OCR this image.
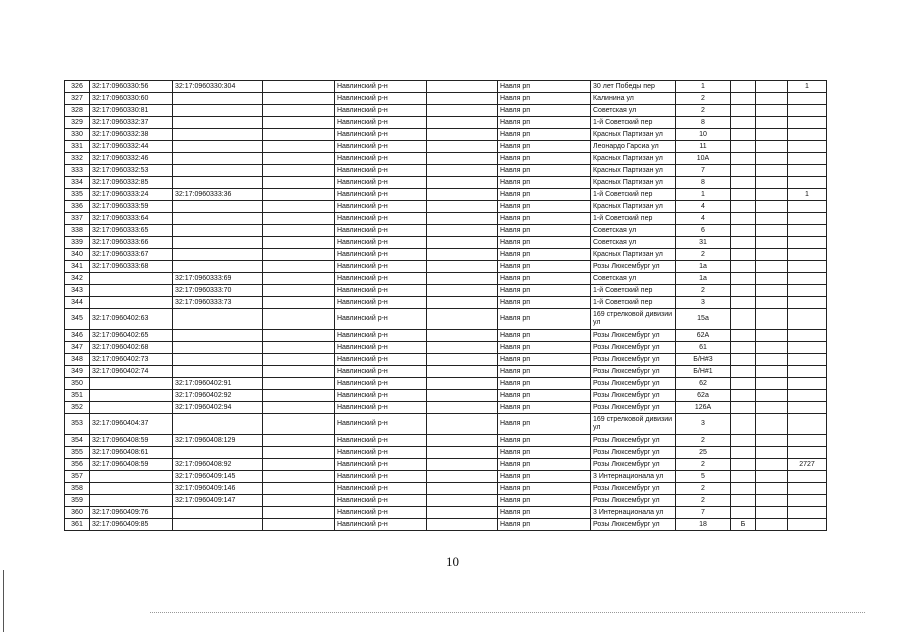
326	32:17:0960330:56	32:17:0960330:304		Навлинский р-н		Навля рп	30 лет Победы пер	1			1
327	32:17:0960330:60			Навлинский р-н		Навля рп	Калинина ул	2			
328	32:17:0960330:81			Навлинский р-н		Навля рп	Советская ул	2			
329	32:17:0960332:37			Навлинский р-н		Навля рп	1-й Советский пер	8			
330	32:17:0960332:38			Навлинский р-н		Навля рп	Красных Партизан ул	10			
331	32:17:0960332:44			Навлинский р-н		Навля рп	Леонардо Гарсиа ул	11			
332	32:17:0960332:46			Навлинский р-н		Навля рп	Красных Партизан ул	10А			
333	32:17:0960332:53			Навлинский р-н		Навля рп	Красных Партизан ул	7			
334	32:17:0960332:85			Навлинский р-н		Навля рп	Красных Партизан ул	8			
335	32:17:0960333:24	32:17:0960333:36		Навлинский р-н		Навля рп	1-й Советский пер	1			1
336	32:17:0960333:59			Навлинский р-н		Навля рп	Красных Партизан ул	4			
337	32:17:0960333:64			Навлинский р-н		Навля рп	1-й Советский пер	4			
338	32:17:0960333:65			Навлинский р-н		Навля рп	Советская ул	6			
339	32:17:0960333:66			Навлинский р-н		Навля рп	Советская ул	31			
340	32:17:0960333:67			Навлинский р-н		Навля рп	Красных Партизан ул	2			
341	32:17:0960333:68			Навлинский р-н		Навля рп	Розы Люксембург ул	1а			
342		32:17:0960333:69		Навлинский р-н		Навля рп	Советская ул	1а			
343		32:17:0960333:70		Навлинский р-н		Навля рп	1-й Советский пер	2			
344		32:17:0960333:73		Навлинский р-н		Навля рп	1-й Советский пер	3			
345	32:17:0960402:63			Навлинский р-н		Навля рп	169 стрелковой дивизии ул	15а			
346	32:17:0960402:65			Навлинский р-н		Навля рп	Розы Люксембург ул	62А			
347	32:17:0960402:68			Навлинский р-н		Навля рп	Розы Люксембург ул	61			
348	32:17:0960402:73			Навлинский р-н		Навля рп	Розы Люксембург ул	Б/Н#3			
349	32:17:0960402:74			Навлинский р-н		Навля рп	Розы Люксембург ул	Б/Н#1			
350		32:17:0960402:91		Навлинский р-н		Навля рп	Розы Люксембург ул	62			
351		32:17:0960402:92		Навлинский р-н		Навля рп	Розы Люксембург ул	62а			
352		32:17:0960402:94		Навлинский р-н		Навля рп	Розы Люксембург ул	126А			
353	32:17:0960404:37			Навлинский р-н		Навля рп	169 стрелковой дивизии ул	3			
354	32:17:0960408:59	32:17:0960408:129		Навлинский р-н		Навля рп	Розы Люксембург ул	2			
355	32:17:0960408:61			Навлинский р-н		Навля рп	Розы Люксембург ул	25			
356	32:17:0960408:59	32:17:0960408:92		Навлинский р-н		Навля рп	Розы Люксембург ул	2			2727
357		32:17:0960409:145		Навлинский р-н		Навля рп	3 Интернационала ул	5			
358		32:17:0960409:146		Навлинский р-н		Навля рп	Розы Люксембург ул	2			
359		32:17:0960409:147		Навлинский р-н		Навля рп	Розы Люксембург ул	2			
360	32:17:0960409:76			Навлинский р-н		Навля рп	3 Интернационала ул	7			
361	32:17:0960409:85			Навлинский р-н		Навля рп	Розы Люксембург ул	18	Б		
10
